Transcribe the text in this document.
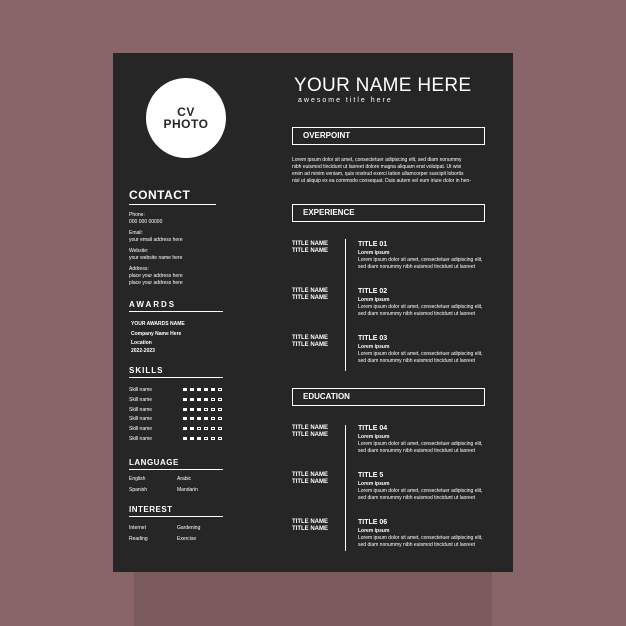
CV
PHOTO
CONTACT
Phone:
000 000 00000
Email:
your email address here
Website:
your website name here
Address:
place your address here
place your address here
AWARDS
YOUR AWARDS NAME
Company Name Here
Location
2022-2023
SKILLS
LANGUAGE
English	Arabic
Spanish	Mandarin
INTEREST
Internet	Gardening
Reading	Exercise
YOUR NAME HERE
awesome title here
OVERPOINT
Lorem ipsum dolor sit amet, consectetuer adipiscing elit, sed diam nonummy
nibh euismod tincidunt ut laoreet dolore magna aliquam erat volutpat. Ut wisi
enim ad minim veniam, quis nostrud exerci tation ullamcorper suscipit lobortis
nisl ut aliquip ex ea commodo consequat. Duis autem vel eum iriure dolor in hen-
EXPERIENCE
EDUCATION
Skill name
Skill name
Skill name
Skill name
Skill name
Skill name
TITLE NAME
TITLE NAME
TITLE 01
Lorem ipsum
Lorem ipsum dolor sit amet, consectetuer adipiscing elit,
sed diam nonummy nibh euismod tincidunt ut laoreet
TITLE NAME
TITLE NAME
TITLE 02
Lorem ipsum
Lorem ipsum dolor sit amet, consectetuer adipiscing elit,
sed diam nonummy nibh euismod tincidunt ut laoreet
TITLE NAME
TITLE NAME
TITLE 03
Lorem ipsum
Lorem ipsum dolor sit amet, consectetuer adipiscing elit,
sed diam nonummy nibh euismod tincidunt ut laoreet
TITLE NAME
TITLE NAME
TITLE 04
Lorem ipsum
Lorem ipsum dolor sit amet, consectetuer adipiscing elit,
sed diam nonummy nibh euismod tincidunt ut laoreet
TITLE NAME
TITLE NAME
TITLE 5
Lorem ipsum
Lorem ipsum dolor sit amet, consectetuer adipiscing elit,
sed diam nonummy nibh euismod tincidunt ut laoreet
TITLE NAME
TITLE NAME
TITLE 06
Lorem ipsum
Lorem ipsum dolor sit amet, consectetuer adipiscing elit,
sed diam nonummy nibh euismod tincidunt ut laoreet
